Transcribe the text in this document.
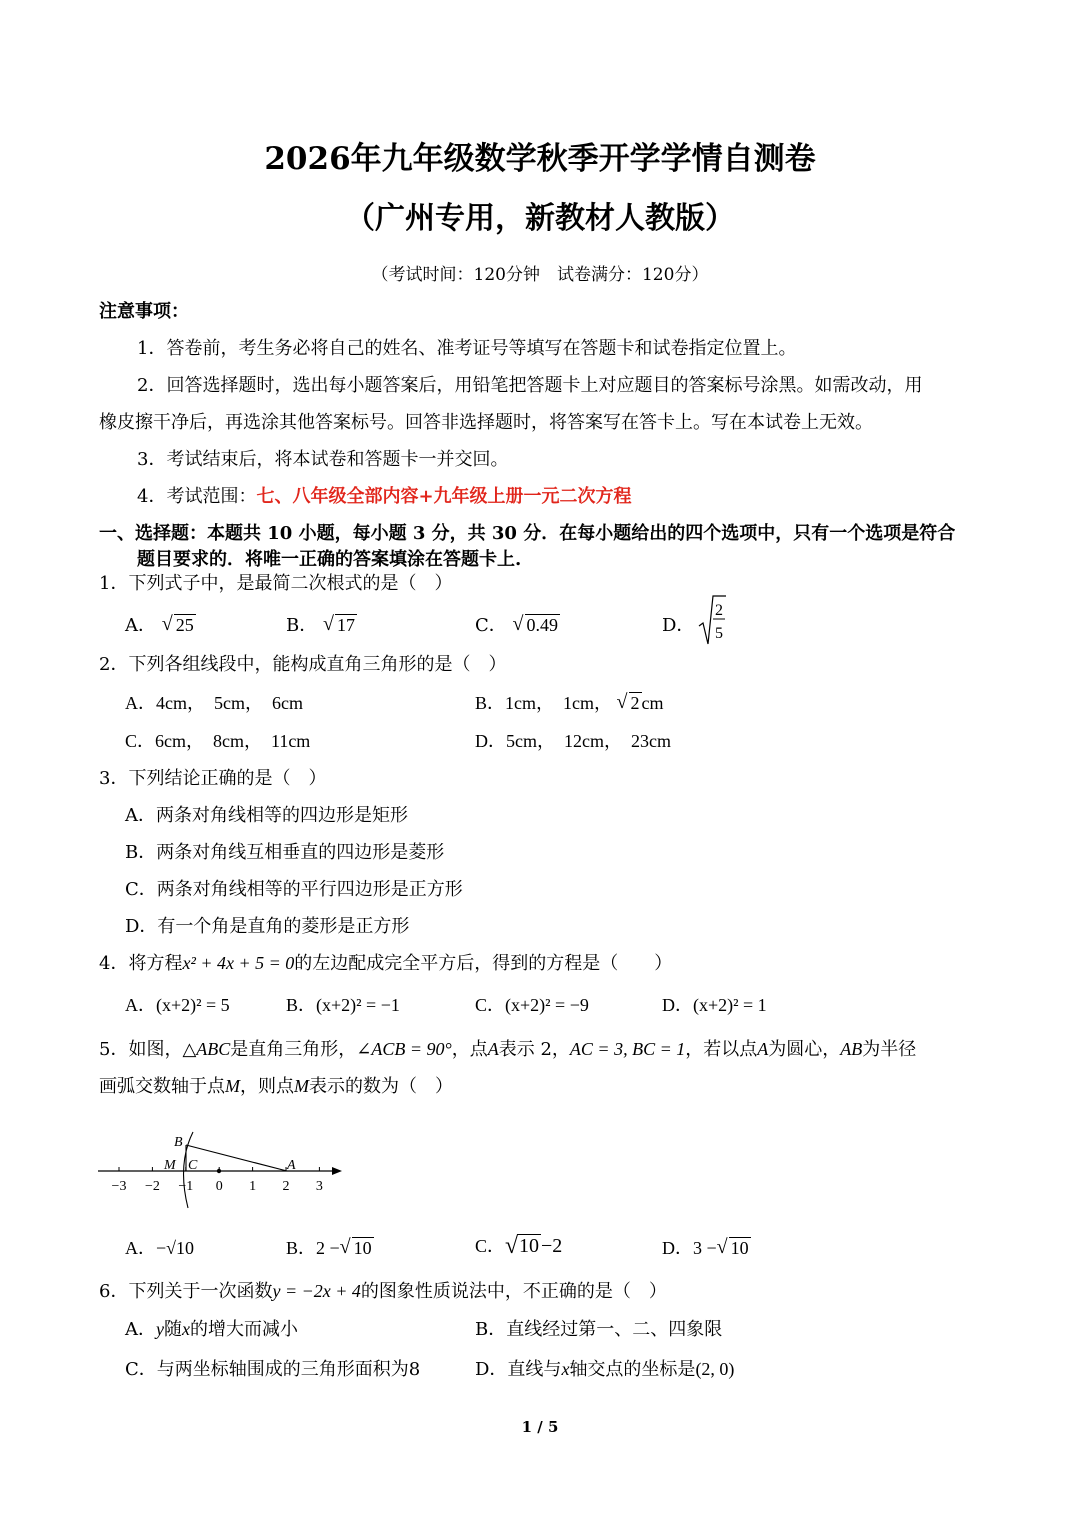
2026年九年级数学秋季开学学情自测卷
（广州专用，新教材人教版）
（考试时间：120分钟　试卷满分：120分）
注意事项：
1．答卷前，考生务必将自己的姓名、准考证号等填写在答题卡和试卷指定位置上。
2．回答选择题时，选出每小题答案后，用铅笔把答题卡上对应题目的答案标号涂黑。如需改动，用
橡皮擦干净后，再选涂其他答案标号。回答非选择题时，将答案写在答卡上。写在本试卷上无效。
3．考试结束后，将本试卷和答题卡一并交回。
4．考试范围：七、八年级全部内容+九年级上册一元二次方程
一、选择题：本题共 10 小题，每小题 3 分，共 30 分．在每小题给出的四个选项中，只有一个选项是符合
题目要求的．将唯一正确的答案填涂在答题卡上.
1．下列式子中，是最简二次根式的是（　）
A． √ 25	B． √ 17	C． √ 0.49	D．
2
5
2．下列各组线段中，能构成直角三角形的是（　）
A．4cm，　5cm，　6cm	B．1cm，　1cm， √ 2 cm
C．6cm，　8cm，　11cm	D．5cm，　12cm，　23cm
3．下列结论正确的是（　）
A．两条对角线相等的四边形是矩形
B．两条对角线互相垂直的四边形是菱形
C．两条对角线相等的平行四边形是正方形
D．有一个角是直角的菱形是正方形
4．将方程x² + 4x + 5 = 0的左边配成完全平方后，得到的方程是（　　）
A．(x+2)² = 5	B．(x+2)² = −1	C．(x+2)² = −9	D．(x+2)² = 1
5．如图，△ABC是直角三角形，∠ACB = 90°，点A表示 2，AC = 3, BC = 1，若以点A为圆心，AB为半径
画弧交数轴于点M，则点M表示的数为（　）
−3 −2 −1 0 1 2 3
B
M C	A
A．−√10	B．2 − √ 10	C． √ 10 −2	D．3 − √ 10
6．下列关于一次函数y = −2x + 4的图象性质说法中，不正确的是（　）
A．y随x的增大而减小	B．直线经过第一、二、四象限
C．与两坐标轴围成的三角形面积为8	D．直线与x轴交点的坐标是(2, 0)
1 / 5
